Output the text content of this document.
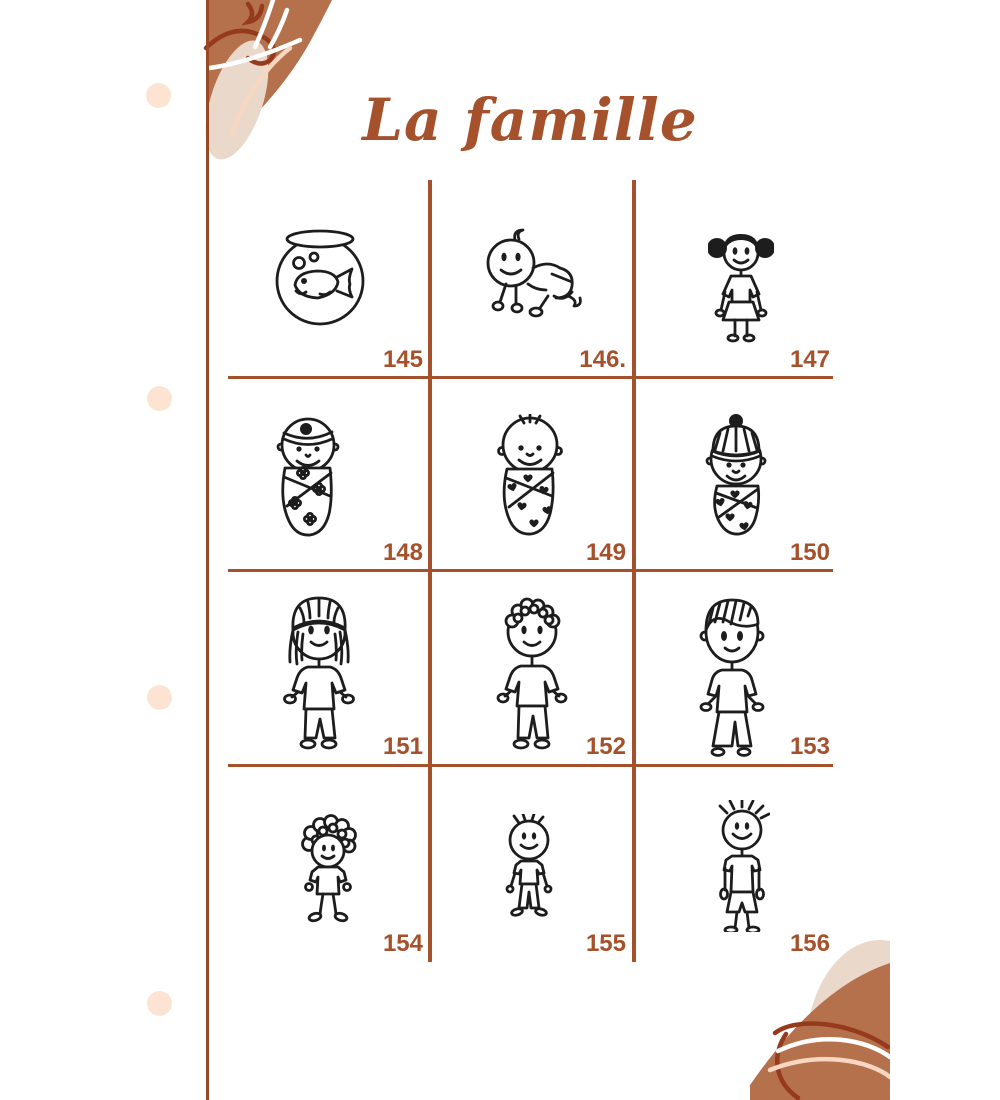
La famille
145	146.	147
148	149	150
151	152	153
154	155	156
